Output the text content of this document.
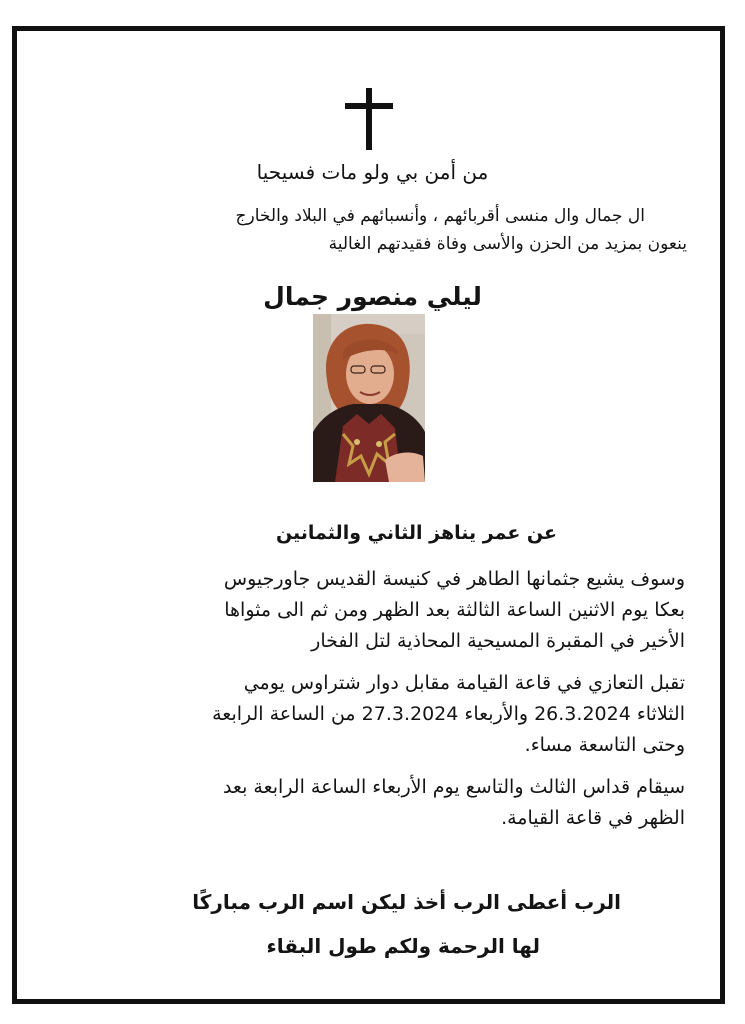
من أمن بي ولو مات فسيحيا
ال جمال وال منسى أقربائهم ، وأنسبائهم في البلاد والخارج
ينعون بمزيد من الحزن والأسى وفاة فقيدتهم الغالية
ليلي منصور جمال
عن عمر يناهز الثاني والثمانين
وسوف يشيع جثمانها الطاهر في كنيسة القديس جاورجيوس
بعكا يوم الاثنين الساعة الثالثة بعد الظهر ومن ثم الى مثواها
الأخير في المقبرة المسيحية المحاذية لتل الفخار
تقبل التعازي في قاعة القيامة مقابل دوار شتراوس يومي
الثلاثاء 26.3.2024 والأربعاء 27.3.2024 من الساعة الرابعة
وحتى التاسعة مساء.
سيقام قداس الثالث والتاسع يوم الأربعاء الساعة الرابعة بعد
الظهر في قاعة القيامة.
الرب أعطى الرب أخذ ليكن اسم الرب مباركًا
لها الرحمة ولكم طول البقاء
